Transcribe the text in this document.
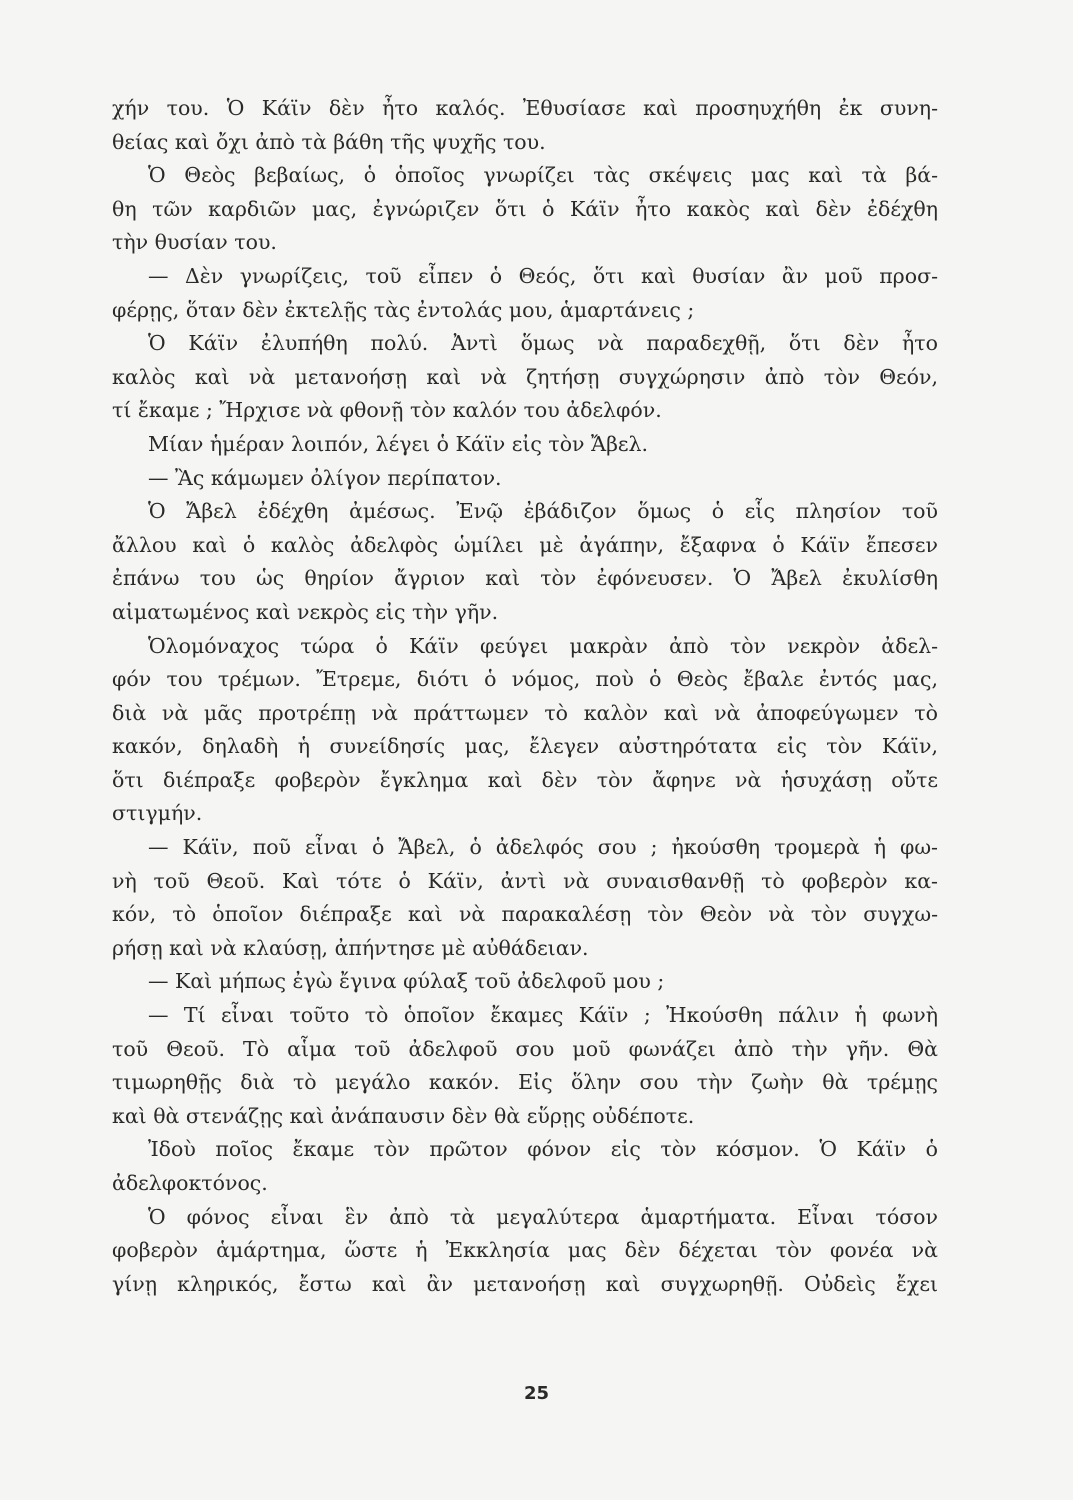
χήν του. Ὁ Κάϊν δὲν ἦτο καλός. Ἐθυσίασε καὶ προσηυχήθη ἐκ συνη-
θείας καὶ ὄχι ἀπὸ τὰ βάθη τῆς ψυχῆς του.
Ὁ Θεὸς βεβαίως, ὁ ὁποῖος γνωρίζει τὰς σκέψεις μας καὶ τὰ βά-
θη τῶν καρδιῶν μας, ἐγνώριζεν ὅτι ὁ Κάϊν ἦτο κακὸς καὶ δὲν ἐδέχθη
τὴν θυσίαν του.
— Δὲν γνωρίζεις, τοῦ εἶπεν ὁ Θεός, ὅτι καὶ θυσίαν ἂν μοῦ προσ-
φέρῃς, ὅταν δὲν ἐκτελῇς τὰς ἐντολάς μου, ἁμαρτάνεις ;
Ὁ Κάϊν ἐλυπήθη πολύ. Ἀντὶ ὅμως νὰ παραδεχθῇ, ὅτι δὲν ἦτο
καλὸς καὶ νὰ μετανοήσῃ καὶ νὰ ζητήσῃ συγχώρησιν ἀπὸ τὸν Θεόν,
τί ἔκαμε ; Ἤρχισε νὰ φθονῇ τὸν καλόν του ἀδελφόν.
Μίαν ἡμέραν λοιπόν, λέγει ὁ Κάϊν εἰς τὸν Ἄβελ.
— Ἂς κάμωμεν ὀλίγον περίπατον.
Ὁ Ἄβελ ἐδέχθη ἀμέσως. Ἐνῷ ἐβάδιζον ὅμως ὁ εἷς πλησίον τοῦ
ἄλλου καὶ ὁ καλὸς ἀδελφὸς ὡμίλει μὲ ἀγάπην, ἔξαφνα ὁ Κάϊν ἔπεσεν
ἐπάνω του ὡς θηρίον ἄγριον καὶ τὸν ἐφόνευσεν. Ὁ Ἄβελ ἐκυλίσθη
αἱματωμένος καὶ νεκρὸς εἰς τὴν γῆν.
Ὁλομόναχος τώρα ὁ Κάϊν φεύγει μακρὰν ἀπὸ τὸν νεκρὸν ἀδελ-
φόν του τρέμων. Ἔτρεμε, διότι ὁ νόμος, ποὺ ὁ Θεὸς ἔβαλε ἐντός μας,
διὰ νὰ μᾶς προτρέπῃ νὰ πράττωμεν τὸ καλὸν καὶ νὰ ἀποφεύγωμεν τὸ
κακόν, δηλαδὴ ἡ συνείδησίς μας, ἔλεγεν αὐστηρότατα εἰς τὸν Κάϊν,
ὅτι διέπραξε φοβερὸν ἔγκλημα καὶ δὲν τὸν ἄφηνε νὰ ἡσυχάσῃ οὔτε
στιγμήν.
— Κάϊν, ποῦ εἶναι ὁ Ἄβελ, ὁ ἀδελφός σου ; ἠκούσθη τρομερὰ ἡ φω-
νὴ τοῦ Θεοῦ. Καὶ τότε ὁ Κάϊν, ἀντὶ νὰ συναισθανθῇ τὸ φοβερὸν κα-
κόν, τὸ ὁποῖον διέπραξε καὶ νὰ παρακαλέσῃ τὸν Θεὸν νὰ τὸν συγχω-
ρήσῃ καὶ νὰ κλαύσῃ, ἀπήντησε μὲ αὐθάδειαν.
— Καὶ μήπως ἐγὼ ἔγινα φύλαξ τοῦ ἀδελφοῦ μου ;
— Τί εἶναι τοῦτο τὸ ὁποῖον ἔκαμες Κάϊν ; Ἠκούσθη πάλιν ἡ φωνὴ
τοῦ Θεοῦ. Τὸ αἷμα τοῦ ἀδελφοῦ σου μοῦ φωνάζει ἀπὸ τὴν γῆν. Θὰ
τιμωρηθῇς διὰ τὸ μεγάλο κακόν. Εἰς ὅλην σου τὴν ζωὴν θὰ τρέμῃς
καὶ θὰ στενάζῃς καὶ ἀνάπαυσιν δὲν θὰ εὕρῃς οὐδέποτε.
Ἰδοὺ ποῖος ἔκαμε τὸν πρῶτον φόνον εἰς τὸν κόσμον. Ὁ Κάϊν ὁ
ἀδελφοκτόνος.
Ὁ φόνος εἶναι ἓν ἀπὸ τὰ μεγαλύτερα ἁμαρτήματα. Εἶναι τόσον
φοβερὸν ἁμάρτημα, ὥστε ἡ Ἐκκλησία μας δὲν δέχεται τὸν φονέα νὰ
γίνῃ κληρικός, ἔστω καὶ ἂν μετανοήσῃ καὶ συγχωρηθῇ. Οὐδεὶς ἔχει
25
